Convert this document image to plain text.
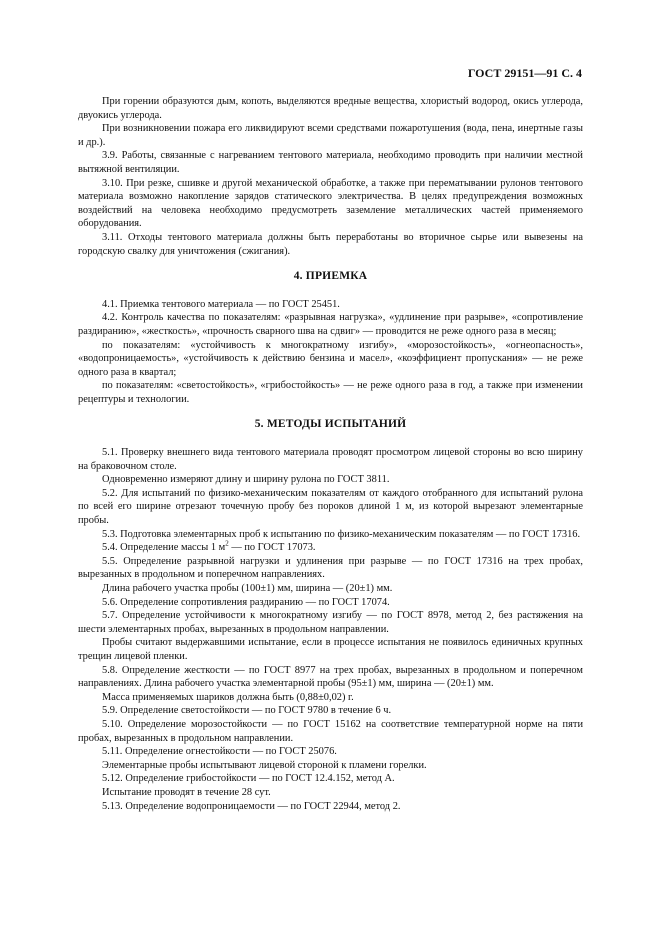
ГОСТ 29151—91 С. 4

При горении образуются дым, копоть, выделяются вредные вещества, хлористый водород, окись углерода, двуокись углерода.

При возникновении пожара его ликвидируют всеми средствами пожаротушения (вода, пена, инертные газы и др.).

3.9. Работы, связанные с нагреванием тентового материала, необходимо проводить при наличии местной вытяжной вентиляции.

3.10. При резке, сшивке и другой механической обработке, а также при перематывании рулонов тентового материала возможно накопление зарядов статического электричества. В целях предупреждения возможных воздействий на человека необходимо предусмотреть заземление металлических частей применяемого оборудования.

3.11. Отходы тентового материала должны быть переработаны во вторичное сырье или вывезены на городскую свалку для уничтожения (сжигания).

4. ПРИЕМКА

4.1. Приемка тентового материала — по ГОСТ 25451.

4.2. Контроль качества по показателям: «разрывная нагрузка», «удлинение при разрыве», «сопротивление раздиранию», «жесткость», «прочность сварного шва на сдвиг» — проводится не реже одного раза в месяц;

по показателям: «устойчивость к многократному изгибу», «морозостойкость», «огнеопасность», «водопроницаемость», «устойчивость к действию бензина и масел», «коэффициент пропускания» — не реже одного раза в квартал;

по показателям: «светостойкость», «грибостойкость» — не реже одного раза в год, а также при изменении рецептуры и технологии.

5. МЕТОДЫ ИСПЫТАНИЙ

5.1. Проверку внешнего вида тентового материала проводят просмотром лицевой стороны во всю ширину на браковочном столе.

Одновременно измеряют длину и ширину рулона по ГОСТ 3811.

5.2. Для испытаний по физико-механическим показателям от каждого отобранного для испытаний рулона по всей его ширине отрезают точечную пробу без пороков длиной 1 м, из которой вырезают элементарные пробы.

5.3. Подготовка элементарных проб к испытанию по физико-механическим показателям — по ГОСТ 17316.

5.4. Определение массы 1 $м^2$ — по ГОСТ 17073.

5.5. Определение разрывной нагрузки и удлинения при разрыве — по ГОСТ 17316 на трех пробах, вырезанных в продольном и поперечном направлениях.

Длина рабочего участка пробы (100±1) мм, ширина — (20±1) мм.

5.6. Определение сопротивления раздиранию — по ГОСТ 17074.

5.7. Определение устойчивости к многократному изгибу — по ГОСТ 8978, метод 2, без растяжения на шести элементарных пробах, вырезанных в продольном направлении.

Пробы считают выдержавшими испытание, если в процессе испытания не появилось единичных крупных трещин лицевой пленки.

5.8. Определение жесткости — по ГОСТ 8977 на трех пробах, вырезанных в продольном и поперечном направлениях. Длина рабочего участка элементарной пробы (95±1) мм, ширина — (20±1) мм.

Масса применяемых шариков должна быть (0,88±0,02) г.

5.9. Определение светостойкости — по ГОСТ 9780 в течение 6 ч.

5.10. Определение морозостойкости — по ГОСТ 15162 на соответствие температурной норме на пяти пробах, вырезанных в продольном направлении.

5.11. Определение огнестойкости — по ГОСТ 25076.

Элементарные пробы испытывают лицевой стороной к пламени горелки.

5.12. Определение грибостойкости — по ГОСТ 12.4.152, метод А.

Испытание проводят в течение 28 сут.

5.13. Определение водопроницаемости — по ГОСТ 22944, метод 2.
